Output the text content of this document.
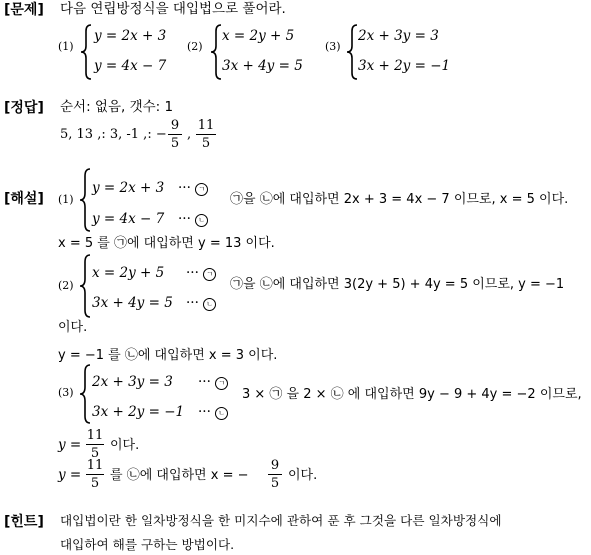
[문제] 다음 연립방정식을 대입법으로 풀어라.
(1)
y = 2x + 3
y = 4x − 7
(2)
x = 2y + 5
3x + 4y = 5
(3)
2x + 3y = 3
3x + 2y = −1
[정답] 순서: 없음, 갯수: 1
5, 13 ,: 3, -1 ,: −
9
5
,
11
5
[해설] (1)
y = 2x + 3 ··· ㄱ
y = 4x − 7 ··· ㄴ
㉠을 ㉡에 대입하면 2x + 3 = 4x − 7 이므로, x = 5 이다.
x = 5 를 ㉠에 대입하면 y = 13 이다.
(2)
x = 2y + 5 ··· ㄱ
3x + 4y = 5 ··· ㄴ
㉠을 ㉡에 대입하면 3(2y + 5) + 4y = 5 이므로, y = −1
이다.
y = −1 를 ㉡에 대입하면 x = 3 이다.
(3)
2x + 3y = 3 ··· ㄱ
3x + 2y = −1 ··· ㄴ
3 × ㉠ 을 2 × ㉡ 에 대입하면 9y − 9 + 4y = −2 이므로,
y =
11
5
이다.
y =
11
5
를 ㉡에 대입하면 x = −
9
5
이다.
[힌트] 대입법이란 한 일차방정식을 한 미지수에 관하여 푼 후 그것을 다른 일차방정식에
대입하여 해를 구하는 방법이다.
